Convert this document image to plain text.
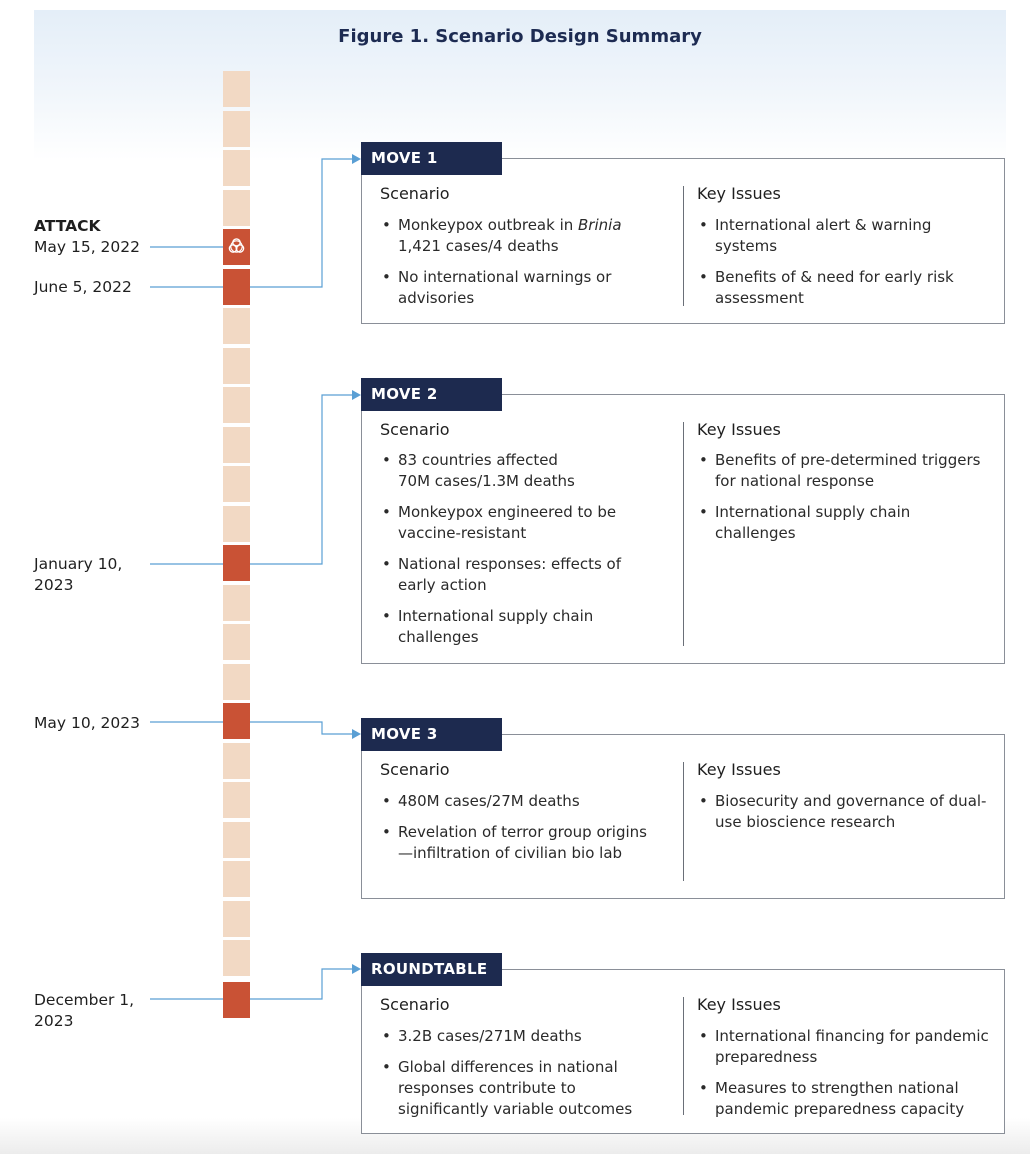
Figure 1. Scenario Design Summary
ATTACK
May 15, 2022
June 5, 2022
January 10, 2023
May 10, 2023
December 1, 2023
MOVE 1
Scenario	Key Issues
• Monkeypox outbreak in Brinia
1,421 cases/4 deaths
• No international warnings or advisories
• International alert & warning systems
• Benefits of & need for early risk assessment
MOVE 2
Scenario	Key Issues
• 83 countries affected
70M cases/1.3M deaths
• Monkeypox engineered to be vaccine-resistant
• National responses: effects of early action
• International supply chain challenges
• Benefits of pre-determined triggers for national response
• International supply chain challenges
MOVE 3
Scenario	Key Issues
• 480M cases/27M deaths
• Revelation of terror group origins—infiltration of civilian bio lab
• Biosecurity and governance of dual-use bioscience research
ROUNDTABLE
Scenario	Key Issues
• 3.2B cases/271M deaths
• Global differences in national responses contribute to significantly variable outcomes
• International financing for pandemic preparedness
• Measures to strengthen national pandemic preparedness capacity
